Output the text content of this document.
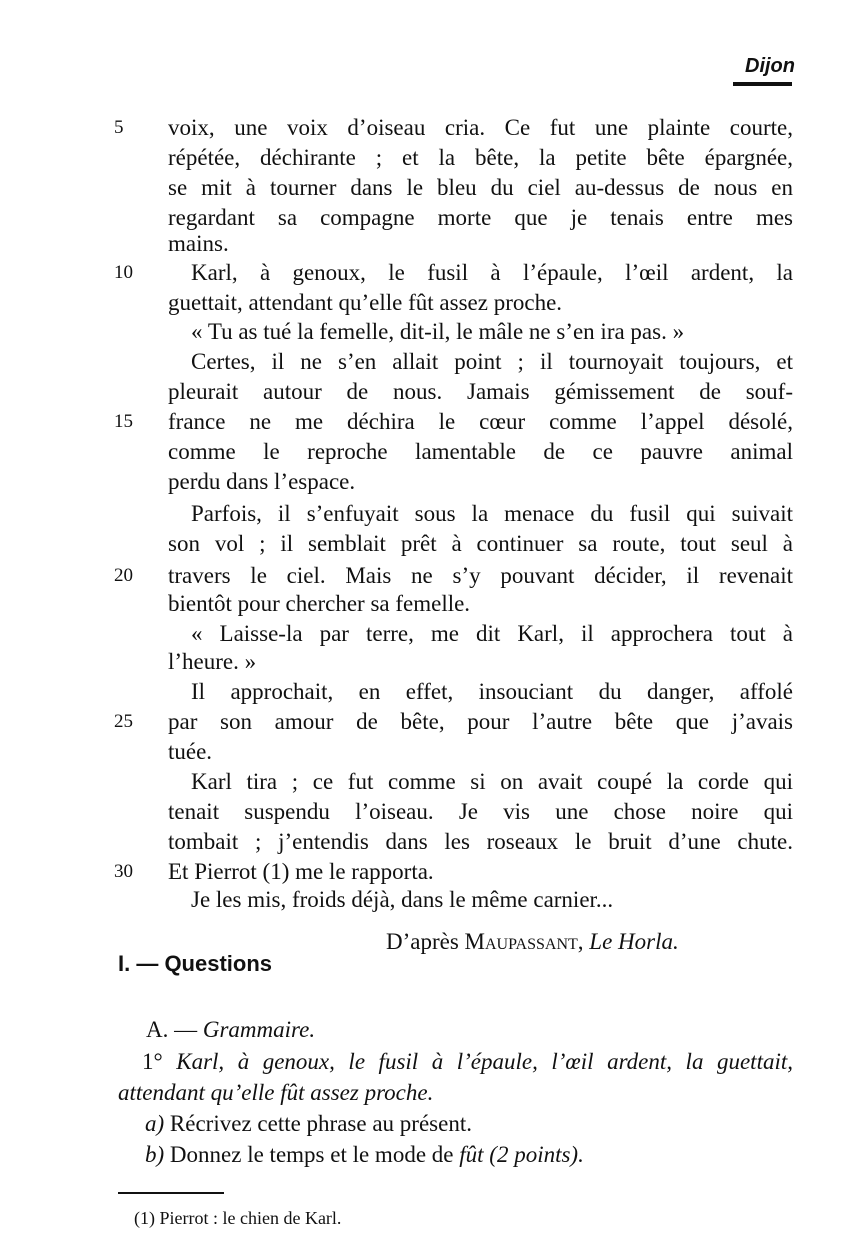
Dijon
5
10
15
20
25
30
voix, une voix d’oiseau cria. Ce fut une plainte courte,
répétée, déchirante ; et la bête, la petite bête épargnée,
se mit à tourner dans le bleu du ciel au-dessus de nous en
regardant sa compagne morte que je tenais entre mes
mains.
Karl, à genoux, le fusil à l’épaule, l’œil ardent, la
guettait, attendant qu’elle fût assez proche.
« Tu as tué la femelle, dit-il, le mâle ne s’en ira pas. »
Certes, il ne s’en allait point ; il tournoyait toujours, et
pleurait autour de nous. Jamais gémissement de souf-
france ne me déchira le cœur comme l’appel désolé,
comme le reproche lamentable de ce pauvre animal
perdu dans l’espace.
Parfois, il s’enfuyait sous la menace du fusil qui suivait
son vol ; il semblait prêt à continuer sa route, tout seul à
travers le ciel. Mais ne s’y pouvant décider, il revenait
bientôt pour chercher sa femelle.
« Laisse-la par terre, me dit Karl, il approchera tout à
l’heure. »
Il approchait, en effet, insouciant du danger, affolé
par son amour de bête, pour l’autre bête que j’avais
tuée.
Karl tira ; ce fut comme si on avait coupé la corde qui
tenait suspendu l’oiseau. Je vis une chose noire qui
tombait ; j’entendis dans les roseaux le bruit d’une chute.
Et Pierrot (1) me le rapporta.
Je les mis, froids déjà, dans le même carnier...
D’après Maupassant, Le Horla.
I. — Questions
A. — Grammaire.
1° Karl, à genoux, le fusil à l’épaule, l’œil ardent, la guettait,
attendant qu’elle fût assez proche.
a) Récrivez cette phrase au présent.
b) Donnez le temps et le mode de fût (2 points).
(1) Pierrot : le chien de Karl.
